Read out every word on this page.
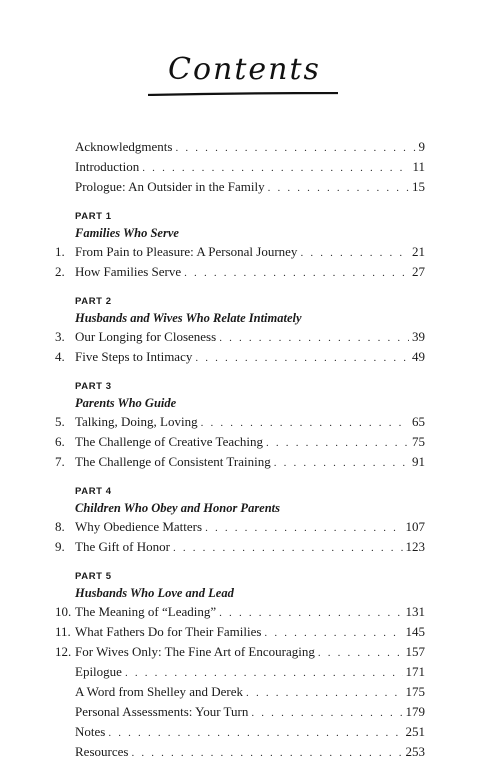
Contents
Acknowledgments . . .	9
Introduction . . .	11
Prologue: An Outsider in the Family . . .	15
PART 1
Families Who Serve
1. From Pain to Pleasure: A Personal Journey . . .	21
2. How Families Serve . . .	27
PART 2
Husbands and Wives Who Relate Intimately
3. Our Longing for Closeness . . .	39
4. Five Steps to Intimacy . . .	49
PART 3
Parents Who Guide
5. Talking, Doing, Loving . . .	65
6. The Challenge of Creative Teaching . . .	75
7. The Challenge of Consistent Training . . .	91
PART 4
Children Who Obey and Honor Parents
8. Why Obedience Matters . . .	107
9. The Gift of Honor . . .	123
PART 5
Husbands Who Love and Lead
10. The Meaning of “Leading” . . .	131
11. What Fathers Do for Their Families . . .	145
12. For Wives Only: The Fine Art of Encouraging . . .	157
Epilogue . . .	171
A Word from Shelley and Derek . . .	175
Personal Assessments: Your Turn . . .	179
Notes . . .	251
Resources . . .	253
